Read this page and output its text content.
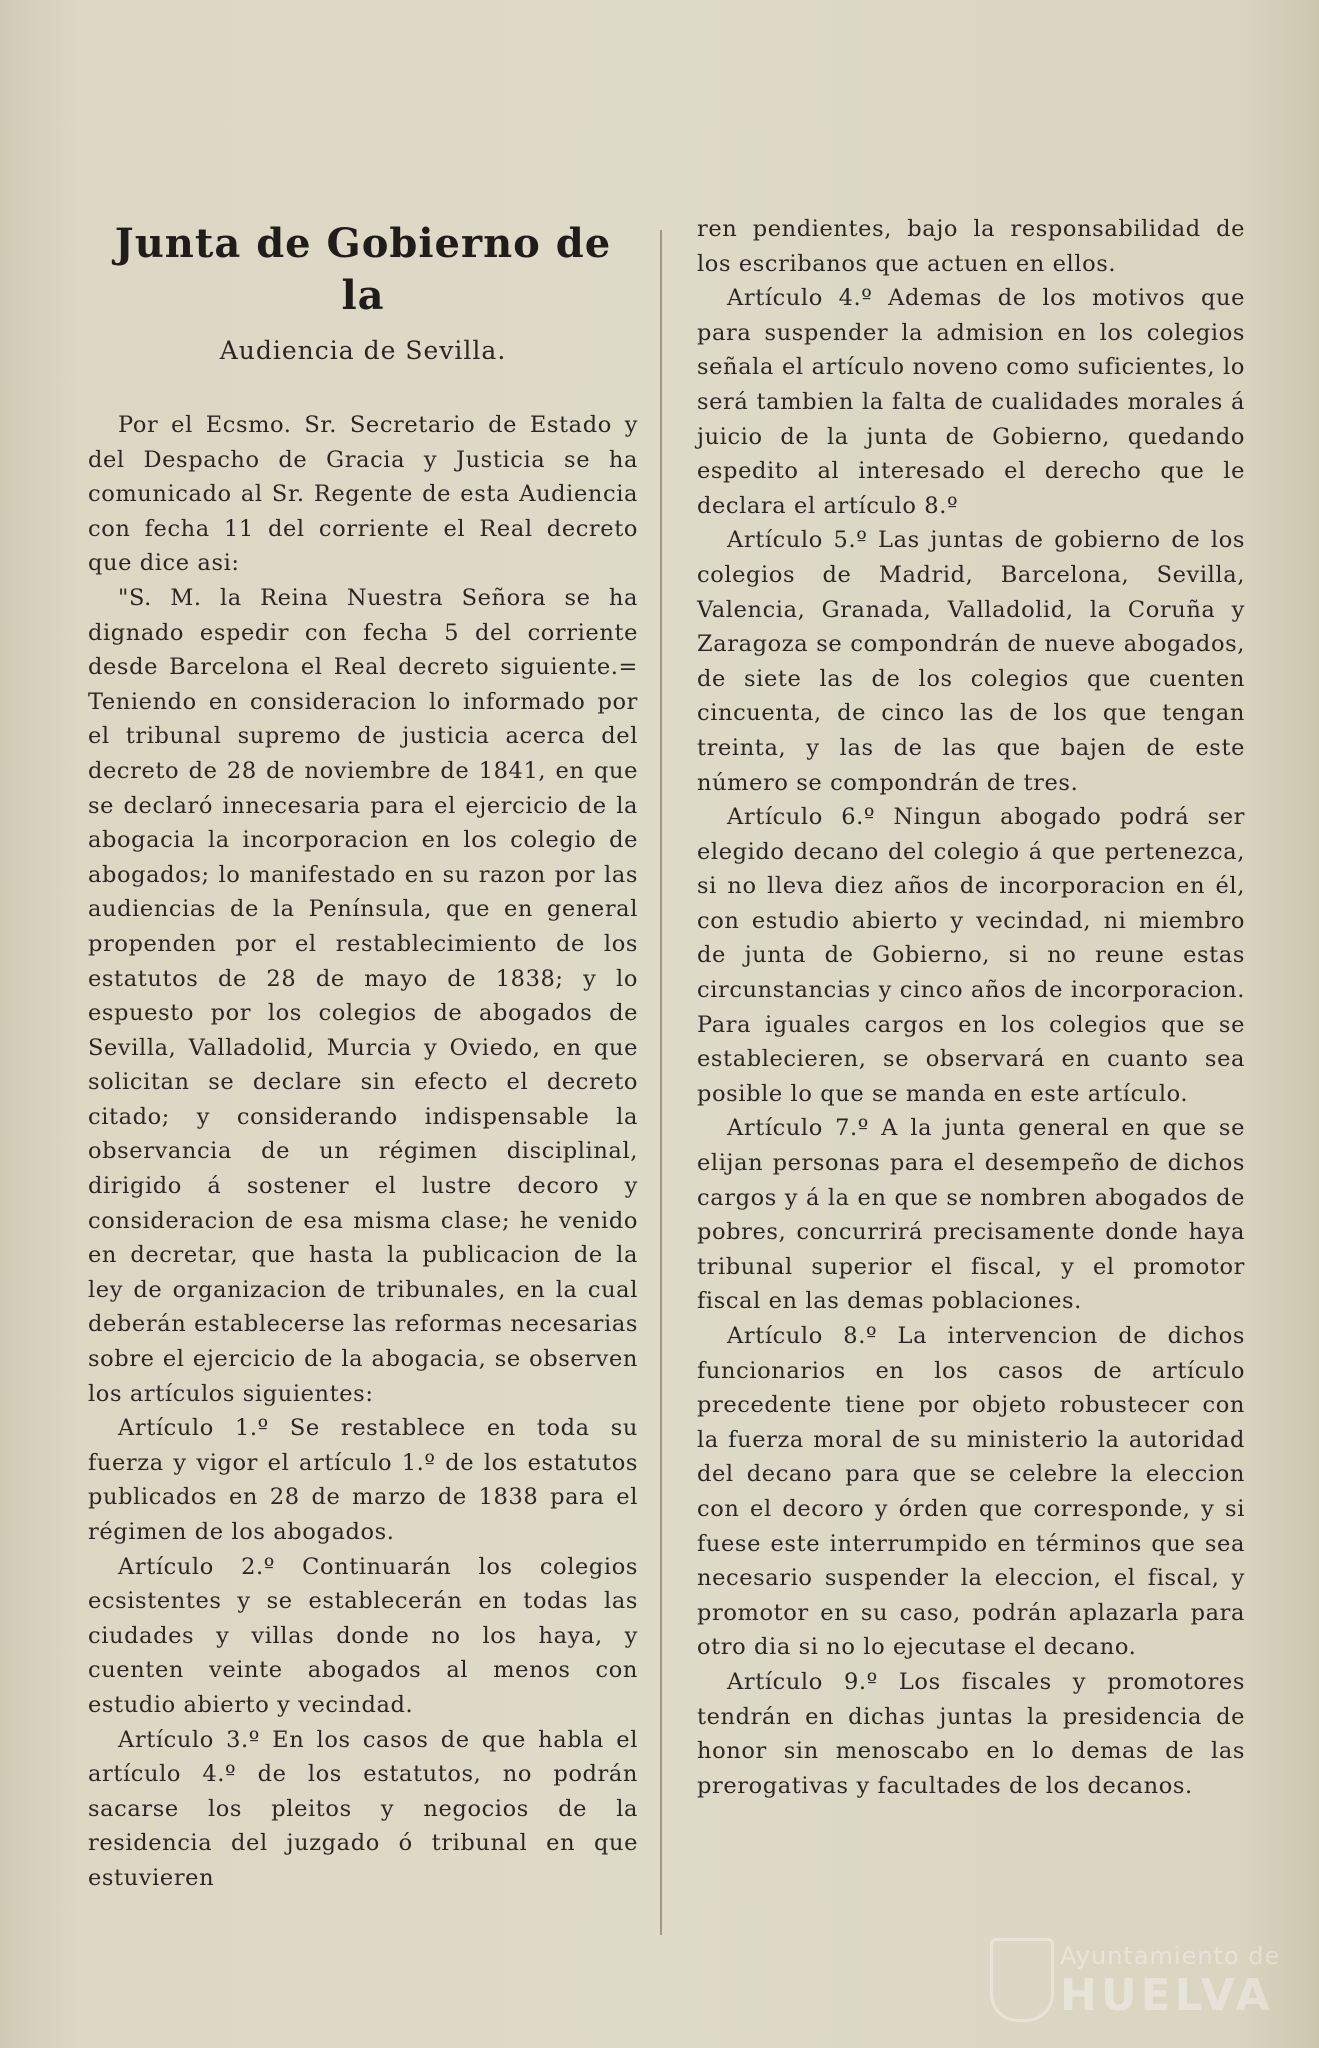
Junta de Gobierno de la
Audiencia de Sevilla.

Por el Ecsmo. Sr. Secretario de Estado y del Despacho de Gracia y Justicia se ha comunicado al Sr. Regente de esta Audiencia con fecha 11 del corriente el Real decreto que dice asi:

"S. M. la Reina Nuestra Señora se ha dignado espedir con fecha 5 del corriente desde Barcelona el Real decreto siguiente.= Teniendo en consideracion lo informado por el tribunal supremo de justicia acerca del decreto de 28 de noviembre de 1841, en que se declaró innecesaria para el ejercicio de la abogacia la incorporacion en los colegio de abogados; lo manifestado en su razon por las audiencias de la Península, que en general propenden por el restablecimiento de los estatutos de 28 de mayo de 1838; y lo espuesto por los colegios de abogados de Sevilla, Valladolid, Murcia y Oviedo, en que solicitan se declare sin efecto el decreto citado; y considerando indispensable la observancia de un régimen disciplinal, dirigido á sostener el lustre decoro y consideracion de esa misma clase; he venido en decretar, que hasta la publicacion de la ley de organizacion de tribunales, en la cual deberán establecerse las reformas necesarias sobre el ejercicio de la abogacia, se observen los artículos siguientes:

Artículo 1.º Se restablece en toda su fuerza y vigor el artículo 1.º de los estatutos publicados en 28 de marzo de 1838 para el régimen de los abogados.

Artículo 2.º Continuarán los colegios ecsistentes y se establecerán en todas las ciudades y villas donde no los haya, y cuenten veinte abogados al menos con estudio abierto y vecindad.

Artículo 3.º En los casos de que habla el artículo 4.º de los estatutos, no podrán sacarse los pleitos y negocios de la residencia del juzgado ó tribunal en que estuvieren

ren pendientes, bajo la responsabilidad de los escribanos que actuen en ellos.

Artículo 4.º Ademas de los motivos que para suspender la admision en los colegios señala el artículo noveno como suficientes, lo será tambien la falta de cualidades morales á juicio de la junta de Gobierno, quedando espedito al interesado el derecho que le declara el artículo 8.º

Artículo 5.º Las juntas de gobierno de los colegios de Madrid, Barcelona, Sevilla, Valencia, Granada, Valladolid, la Coruña y Zaragoza se compondrán de nueve abogados, de siete las de los colegios que cuenten cincuenta, de cinco las de los que tengan treinta, y las de las que bajen de este número se compondrán de tres.

Artículo 6.º Ningun abogado podrá ser elegido decano del colegio á que pertenezca, si no lleva diez años de incorporacion en él, con estudio abierto y vecindad, ni miembro de junta de Gobierno, si no reune estas circunstancias y cinco años de incorporacion. Para iguales cargos en los colegios que se establecieren, se observará en cuanto sea posible lo que se manda en este artículo.

Artículo 7.º A la junta general en que se elijan personas para el desempeño de dichos cargos y á la en que se nombren abogados de pobres, concurrirá precisamente donde haya tribunal superior el fiscal, y el promotor fiscal en las demas poblaciones.

Artículo 8.º La intervencion de dichos funcionarios en los casos de artículo precedente tiene por objeto robustecer con la fuerza moral de su ministerio la autoridad del decano para que se celebre la eleccion con el decoro y órden que corresponde, y si fuese este interrumpido en términos que sea necesario suspender la eleccion, el fiscal, y promotor en su caso, podrán aplazarla para otro dia si no lo ejecutase el decano.

Artículo 9.º Los fiscales y promotores tendrán en dichas juntas la presidencia de honor sin menoscabo en lo demas de las prerogativas y facultades de los decanos.

Ayuntamiento de
HUELVA
